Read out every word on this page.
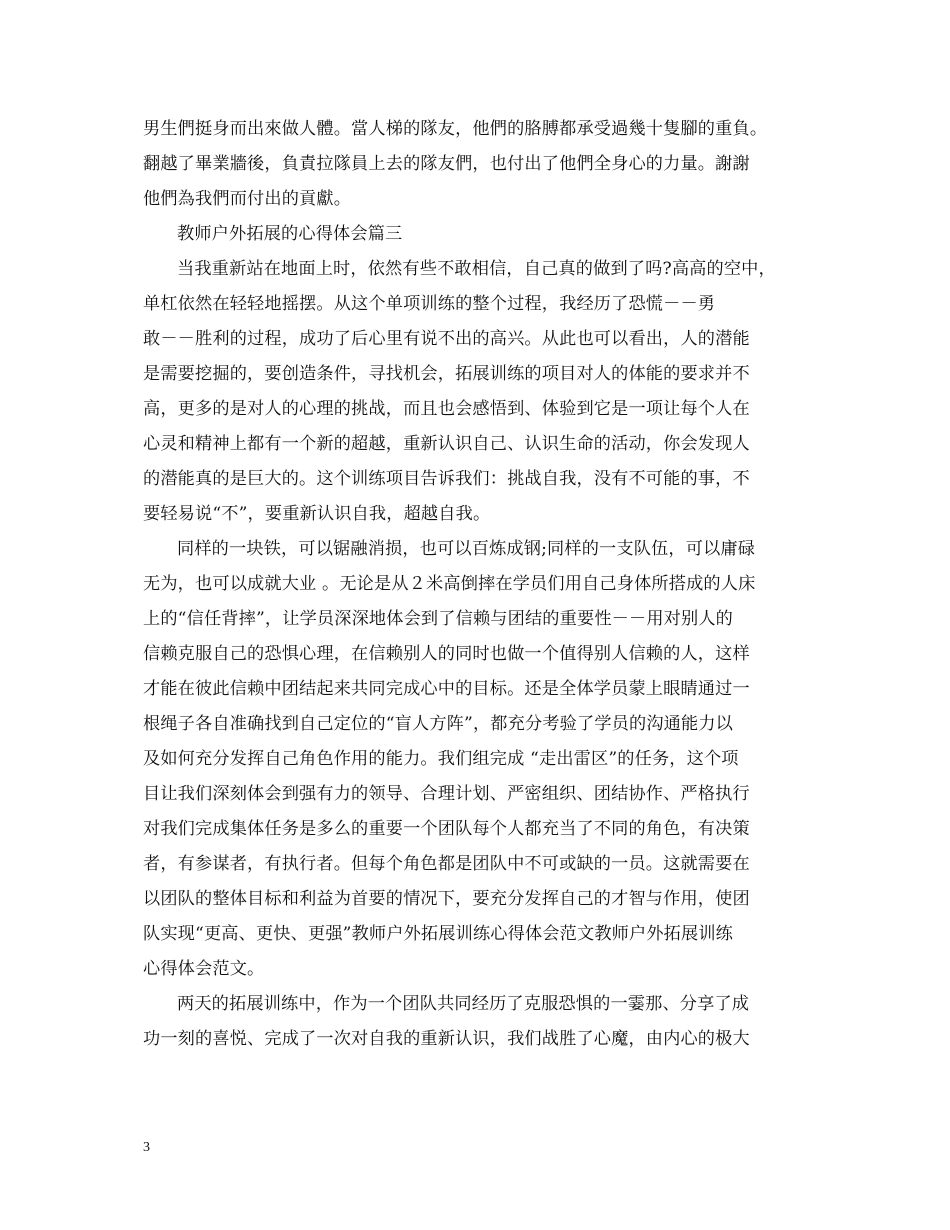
男生們挺身而出來做人體。當人梯的隊友，他們的胳膊都承受過幾十隻腳的重負。
翻越了畢業牆後，負責拉隊員上去的隊友們，也付出了他們全身心的力量。謝謝
他們為我們而付出的貢獻。
教师户外拓展的心得体会篇三
当我重新站在地面上时，依然有些不敢相信，自己真的做到了吗?高高的空中，
单杠依然在轻轻地摇摆。从这个单项训练的整个过程，我经历了恐慌－－勇
敢－－胜利的过程，成功了后心里有说不出的高兴。从此也可以看出，人的潜能
是需要挖掘的，要创造条件，寻找机会，拓展训练的项目对人的体能的要求并不
高，更多的是对人的心理的挑战，而且也会感悟到、体验到它是一项让每个人在
心灵和精神上都有一个新的超越，重新认识自己、认识生命的活动，你会发现人
的潜能真的是巨大的。这个训练项目告诉我们：挑战自我，没有不可能的事，不
要轻易说“不”，要重新认识自我，超越自我。
同样的一块铁，可以锯融消损，也可以百炼成钢;同样的一支队伍，可以庸碌
无为，也可以成就大业 。无论是从２米高倒摔在学员们用自己身体所搭成的人床
上的“信任背摔”，让学员深深地体会到了信赖与团结的重要性－－用对别人的
信赖克服自己的恐惧心理，在信赖别人的同时也做一个值得别人信赖的人，这样
才能在彼此信赖中团结起来共同完成心中的目标。还是全体学员蒙上眼睛通过一
根绳子各自准确找到自己定位的“盲人方阵”，都充分考验了学员的沟通能力以
及如何充分发挥自己角色作用的能力。我们组完成 “走出雷区”的任务，这个项
目让我们深刻体会到强有力的领导、合理计划、严密组织、团结协作、严格执行
对我们完成集体任务是多么的重要一个团队每个人都充当了不同的角色，有决策
者，有参谋者，有执行者。但每个角色都是团队中不可或缺的一员。这就需要在
以团队的整体目标和利益为首要的情况下，要充分发挥自己的才智与作用，使团
队实现“更高、更快、更强”教师户外拓展训练心得体会范文教师户外拓展训练
心得体会范文。
两天的拓展训练中，作为一个团队共同经历了克服恐惧的一霎那、分享了成
功一刻的喜悦、完成了一次对自我的重新认识，我们战胜了心魔，由内心的极大
3
